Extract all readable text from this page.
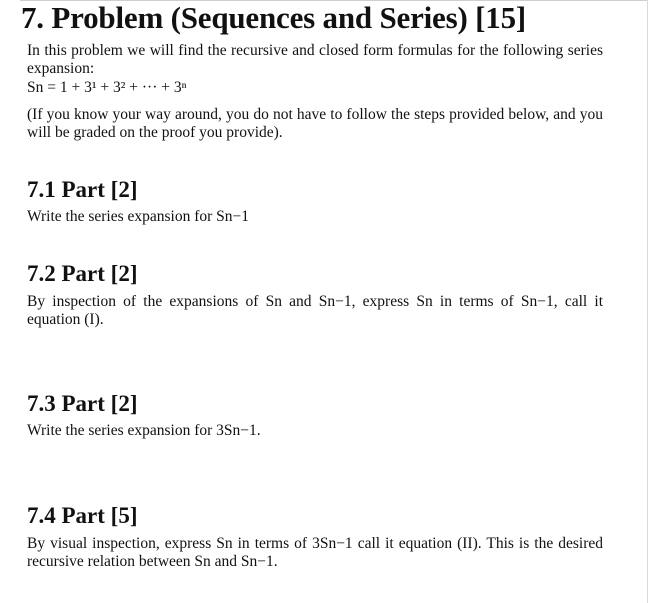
7. Problem (Sequences and Series) [15]
In this problem we will find the recursive and closed form formulas for the following series expansion:
Sn = 1 + 3¹ + 3² + ··· + 3ⁿ
(If you know your way around, you do not have to follow the steps provided below, and you will be graded on the proof you provide).
7.1 Part [2]
Write the series expansion for Sn−1
7.2 Part [2]
By inspection of the expansions of Sn and Sn−1, express Sn in terms of Sn−1, call it equation (I).
7.3 Part [2]
Write the series expansion for 3Sn−1.
7.4 Part [5]
By visual inspection, express Sn in terms of 3Sn−1 call it equation (II). This is the desired recursive relation between Sn and Sn−1.
